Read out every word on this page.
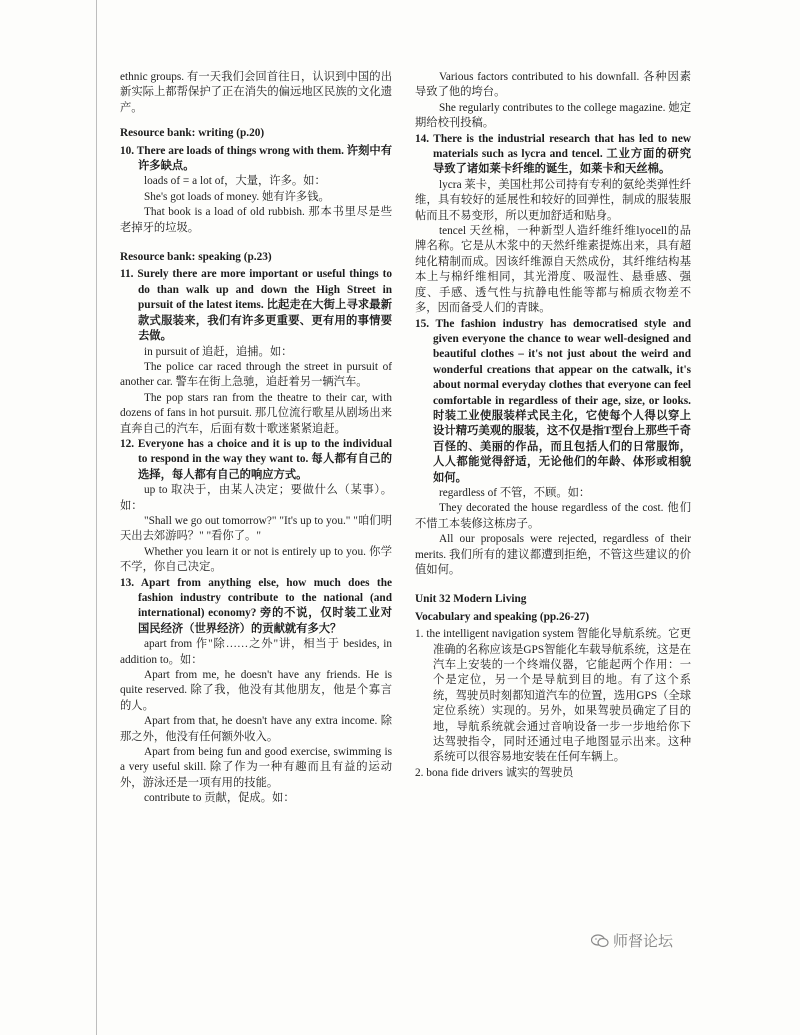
ethnic groups. 有一天我们会回首往日，认识到中国的出新实际上都帮保护了正在消失的偏远地区民族的文化遗产。

Resource bank: writing (p.20)

10. There are loads of things wrong with them. 许刻中有许多缺点。

loads of = a lot of，大量，许多。如：

She's got loads of money. 她有许多钱。

That book is a load of old rubbish. 那本书里尽是些老掉牙的垃圾。

Resource bank: speaking (p.23)

11. Surely there are more important or useful things to do than walk up and down the High Street in pursuit of the latest items. 比起走在大街上寻求最新款式服装来，我们有许多更重要、更有用的事情要去做。

in pursuit of 追赶，追捕。如：

The police car raced through the street in pursuit of another car. 警车在街上急驰，追赶着另一辆汽车。

The pop stars ran from the theatre to their car, with dozens of fans in hot pursuit. 那几位流行歌星从剧场出来直奔自己的汽车，后面有数十歌迷紧紧追赶。

12. Everyone has a choice and it is up to the individual to respond in the way they want to. 每人都有自己的选择，每人都有自己的响应方式。

up to 取决于，由某人决定；要做什么（某事）。如：

"Shall we go out tomorrow?" "It's up to you." "咱们明天出去郊游吗？" "看你了。"

Whether you learn it or not is entirely up to you. 你学不学，你自己决定。

13. Apart from anything else, how much does the fashion industry contribute to the national (and international) economy? 旁的不说，仅时装工业对国民经济（世界经济）的贡献就有多大？

apart from 作"除……之外"讲，相当于 besides, in addition to。如：

Apart from me, he doesn't have any friends. He is quite reserved. 除了我，他没有其他朋友，他是个寡言的人。

Apart from that, he doesn't have any extra income. 除那之外，他没有任何额外收入。

Apart from being fun and good exercise, swimming is a very useful skill. 除了作为一种有趣而且有益的运动外，游泳还是一项有用的技能。

contribute to 贡献，促成。如：

Various factors contributed to his downfall. 各种因素导致了他的垮台。

She regularly contributes to the college magazine. 她定期给校刊投稿。

14. There is the industrial research that has led to new materials such as lycra and tencel. 工业方面的研究导致了诸如莱卡纤维的诞生，如莱卡和天丝棉。

lycra 莱卡，美国杜邦公司持有专利的氨纶类弹性纤维，具有较好的延展性和较好的回弹性，制成的服装服帖而且不易变形，所以更加舒适和贴身。

tencel 天丝棉，一种新型人造纤维纤维lyocell的品牌名称。它是从木浆中的天然纤维素提炼出来，具有超纯化精制而成。因该纤维源自天然成份，其纤维结构基本上与棉纤维相同，其光滑度、吸湿性、悬垂感、强度、手感、透气性与抗静电性能等都与棉质衣物差不多，因而备受人们的青睐。

15. The fashion industry has democratised style and given everyone the chance to wear well-designed and beautiful clothes – it's not just about the weird and wonderful creations that appear on the catwalk, it's about normal everyday clothes that everyone can feel comfortable in regardless of their age, size, or looks. 时装工业使服装样式民主化，它使每个人得以穿上设计精巧美观的服装，这不仅是指T型台上那些千奇百怪的、美丽的作品，而且包括人们的日常服饰，人人都能觉得舒适，无论他们的年龄、体形或相貌如何。

regardless of 不管，不顾。如：

They decorated the house regardless of the cost. 他们不惜工本装修这栋房子。

All our proposals were rejected, regardless of their merits. 我们所有的建议都遭到拒绝，不管这些建议的价值如何。

Unit 32 Modern Living
Vocabulary and speaking (pp.26-27)

1. the intelligent navigation system 智能化导航系统。它更准确的名称应该是GPS智能化车载导航系统，这是在汽车上安装的一个终端仪器，它能起两个作用：一个是定位，另一个是导航到目的地。有了这个系统，驾驶员时刻都知道汽车的位置，选用GPS（全球定位系统）实现的。另外，如果驾驶员确定了目的地，导航系统就会通过音响设备一步一步地给你下达驾驶指令，同时还通过电子地图显示出来。这种系统可以很容易地安装在任何车辆上。

2. bona fide drivers 诚实的驾驶员

师督论坛
